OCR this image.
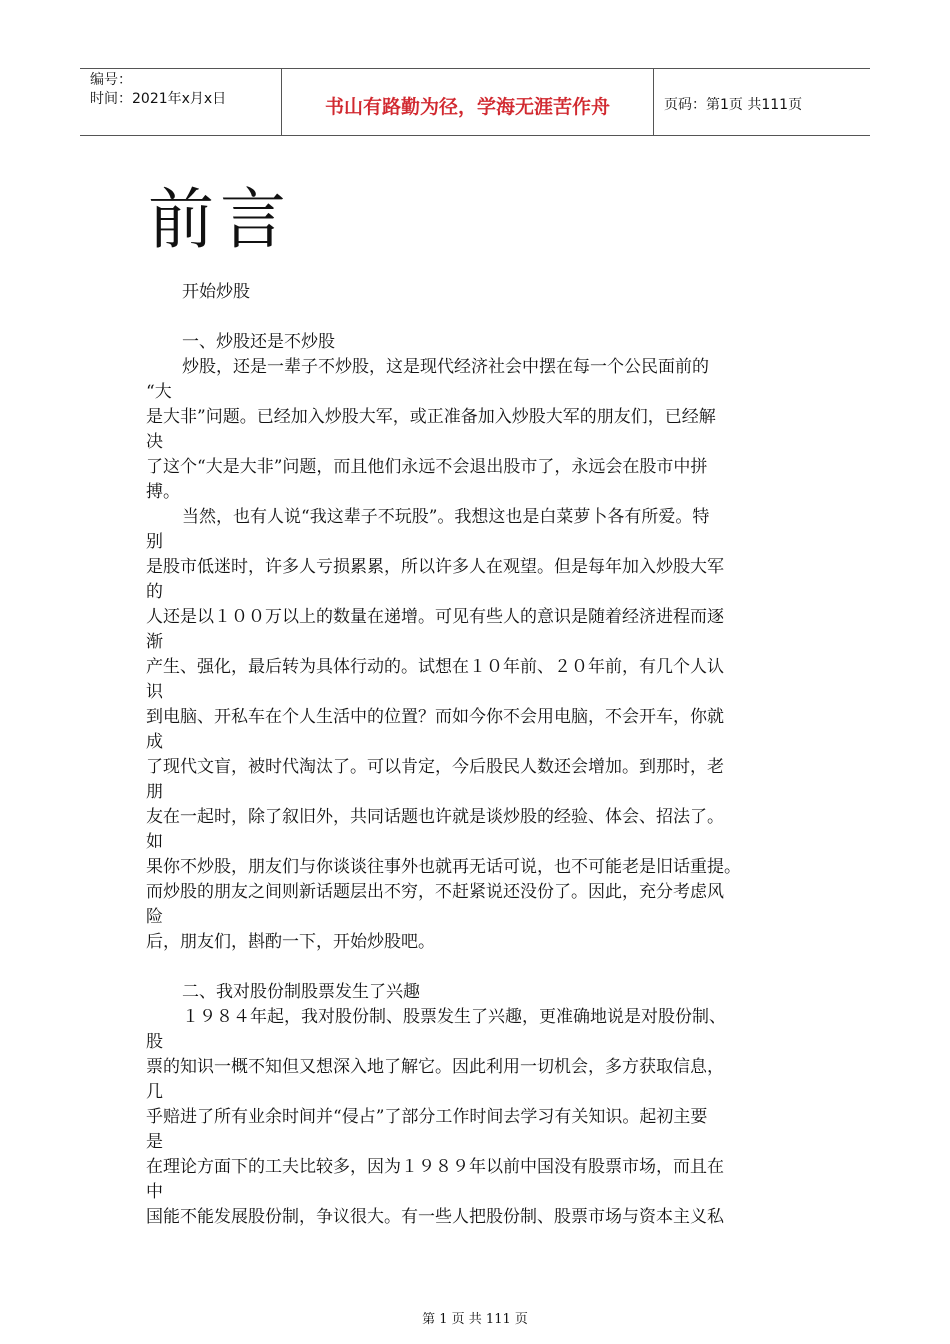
编号：
时间：2021年x月x日	书山有路勤为径，学海无涯苦作舟	页码：第1页 共111页
前言
开始炒股
一、炒股还是不炒股
炒股，还是一辈子不炒股，这是现代经济社会中摆在每一个公民面前的
“大
是大非”问题。已经加入炒股大军，或正准备加入炒股大军的朋友们，已经解
决
了这个“大是大非”问题，而且他们永远不会退出股市了，永远会在股市中拼
搏。
当然，也有人说“我这辈子不玩股”。我想这也是白菜萝卜各有所爱。特
别
是股市低迷时，许多人亏损累累，所以许多人在观望。但是每年加入炒股大军
的
人还是以１００万以上的数量在递增。可见有些人的意识是随着经济进程而逐
渐
产生、强化，最后转为具体行动的。试想在１０年前、２０年前，有几个人认
识
到电脑、开私车在个人生活中的位置？而如今你不会用电脑，不会开车，你就
成
了现代文盲，被时代淘汰了。可以肯定，今后股民人数还会增加。到那时，老
朋
友在一起时，除了叙旧外，共同话题也许就是谈炒股的经验、体会、招法了。
如
果你不炒股，朋友们与你谈谈往事外也就再无话可说，也不可能老是旧话重提。
而炒股的朋友之间则新话题层出不穷，不赶紧说还没份了。因此，充分考虑风
险
后，朋友们，斟酌一下，开始炒股吧。
二、我对股份制股票发生了兴趣
１９８４年起，我对股份制、股票发生了兴趣，更准确地说是对股份制、
股
票的知识一概不知但又想深入地了解它。因此利用一切机会，多方获取信息，
几
乎赔进了所有业余时间并“侵占”了部分工作时间去学习有关知识。起初主要
是
在理论方面下的工夫比较多，因为１９８９年以前中国没有股票市场，而且在
中
国能不能发展股份制，争议很大。有一些人把股份制、股票市场与资本主义私
第 1 页 共 111 页
